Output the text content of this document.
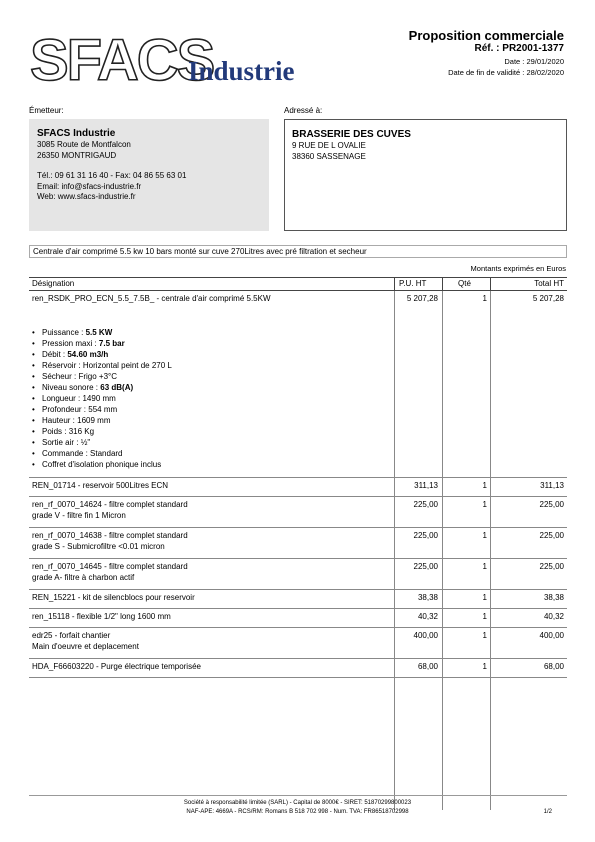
SFACS
Industrie
Proposition commerciale
Réf. : PR2001-1377
Date : 29/01/2020
Date de fin de validité : 28/02/2020
Émetteur:	Adressé à:
SFACS Industrie
3085 Route de Montfalcon
26350 MONTRIGAUD
Tél.: 09 61 31 16 40 - Fax: 04 86 55 63 01
Email: info@sfacs-industrie.fr
Web: www.sfacs-industrie.fr
BRASSERIE DES CUVES
9 RUE DE L OVALIE
38360 SASSENAGE
Centrale d'air comprimé 5.5 kw 10 bars monté sur cuve 270Litres avec pré filtration et secheur
Montants exprimés en Euros
Désignation	P.U. HT	Qté	Total HT
ren_RSDK_PRO_ECN_5.5_7.5B_ - centrale d'air comprimé 5.5KW
• Puissance : 5.5 KW
• Pression maxi : 7.5 bar
• Débit : 54.60 m3/h
• Réservoir : Horizontal peint de 270 L
• Sécheur : Frigo +3°C
• Niveau sonore : 63 dB(A)
• Longueur : 1490 mm
• Profondeur : 554 mm
• Hauteur : 1609 mm
• Poids : 316 Kg
• Sortie air : ½"
• Commande : Standard
• Coffret d'isolation phonique inclus
5 207,28	1	5 207,28
REN_01714 - reservoir 500Litres ECN	311,13	1	311,13
ren_rf_0070_14624 - filtre complet standard
grade V - filtre fin 1 Micron
225,00	1	225,00
ren_rf_0070_14638 - filtre complet standard
grade S - Submicrofiltre <0.01 micron
225,00	1	225,00
ren_rf_0070_14645 - filtre complet standard
grade A- filtre à charbon actif
225,00	1	225,00
REN_15221 - kit de silencblocs pour reservoir	38,38	1	38,38
ren_15118 - flexible 1/2" long 1600 mm	40,32	1	40,32
edr25 - forfait chantier
Main d'oeuvre et deplacement
400,00	1	400,00
HDA_F66603220 - Purge électrique temporisée	68,00	1	68,00
Société à responsabilité limitée (SARL) - Capital de 8000€ - SIRET: 51870299800023
NAF-APE: 4669A - RCS/RM: Romans B 518 702 998 - Num. TVA: FR86518702998	1/2
